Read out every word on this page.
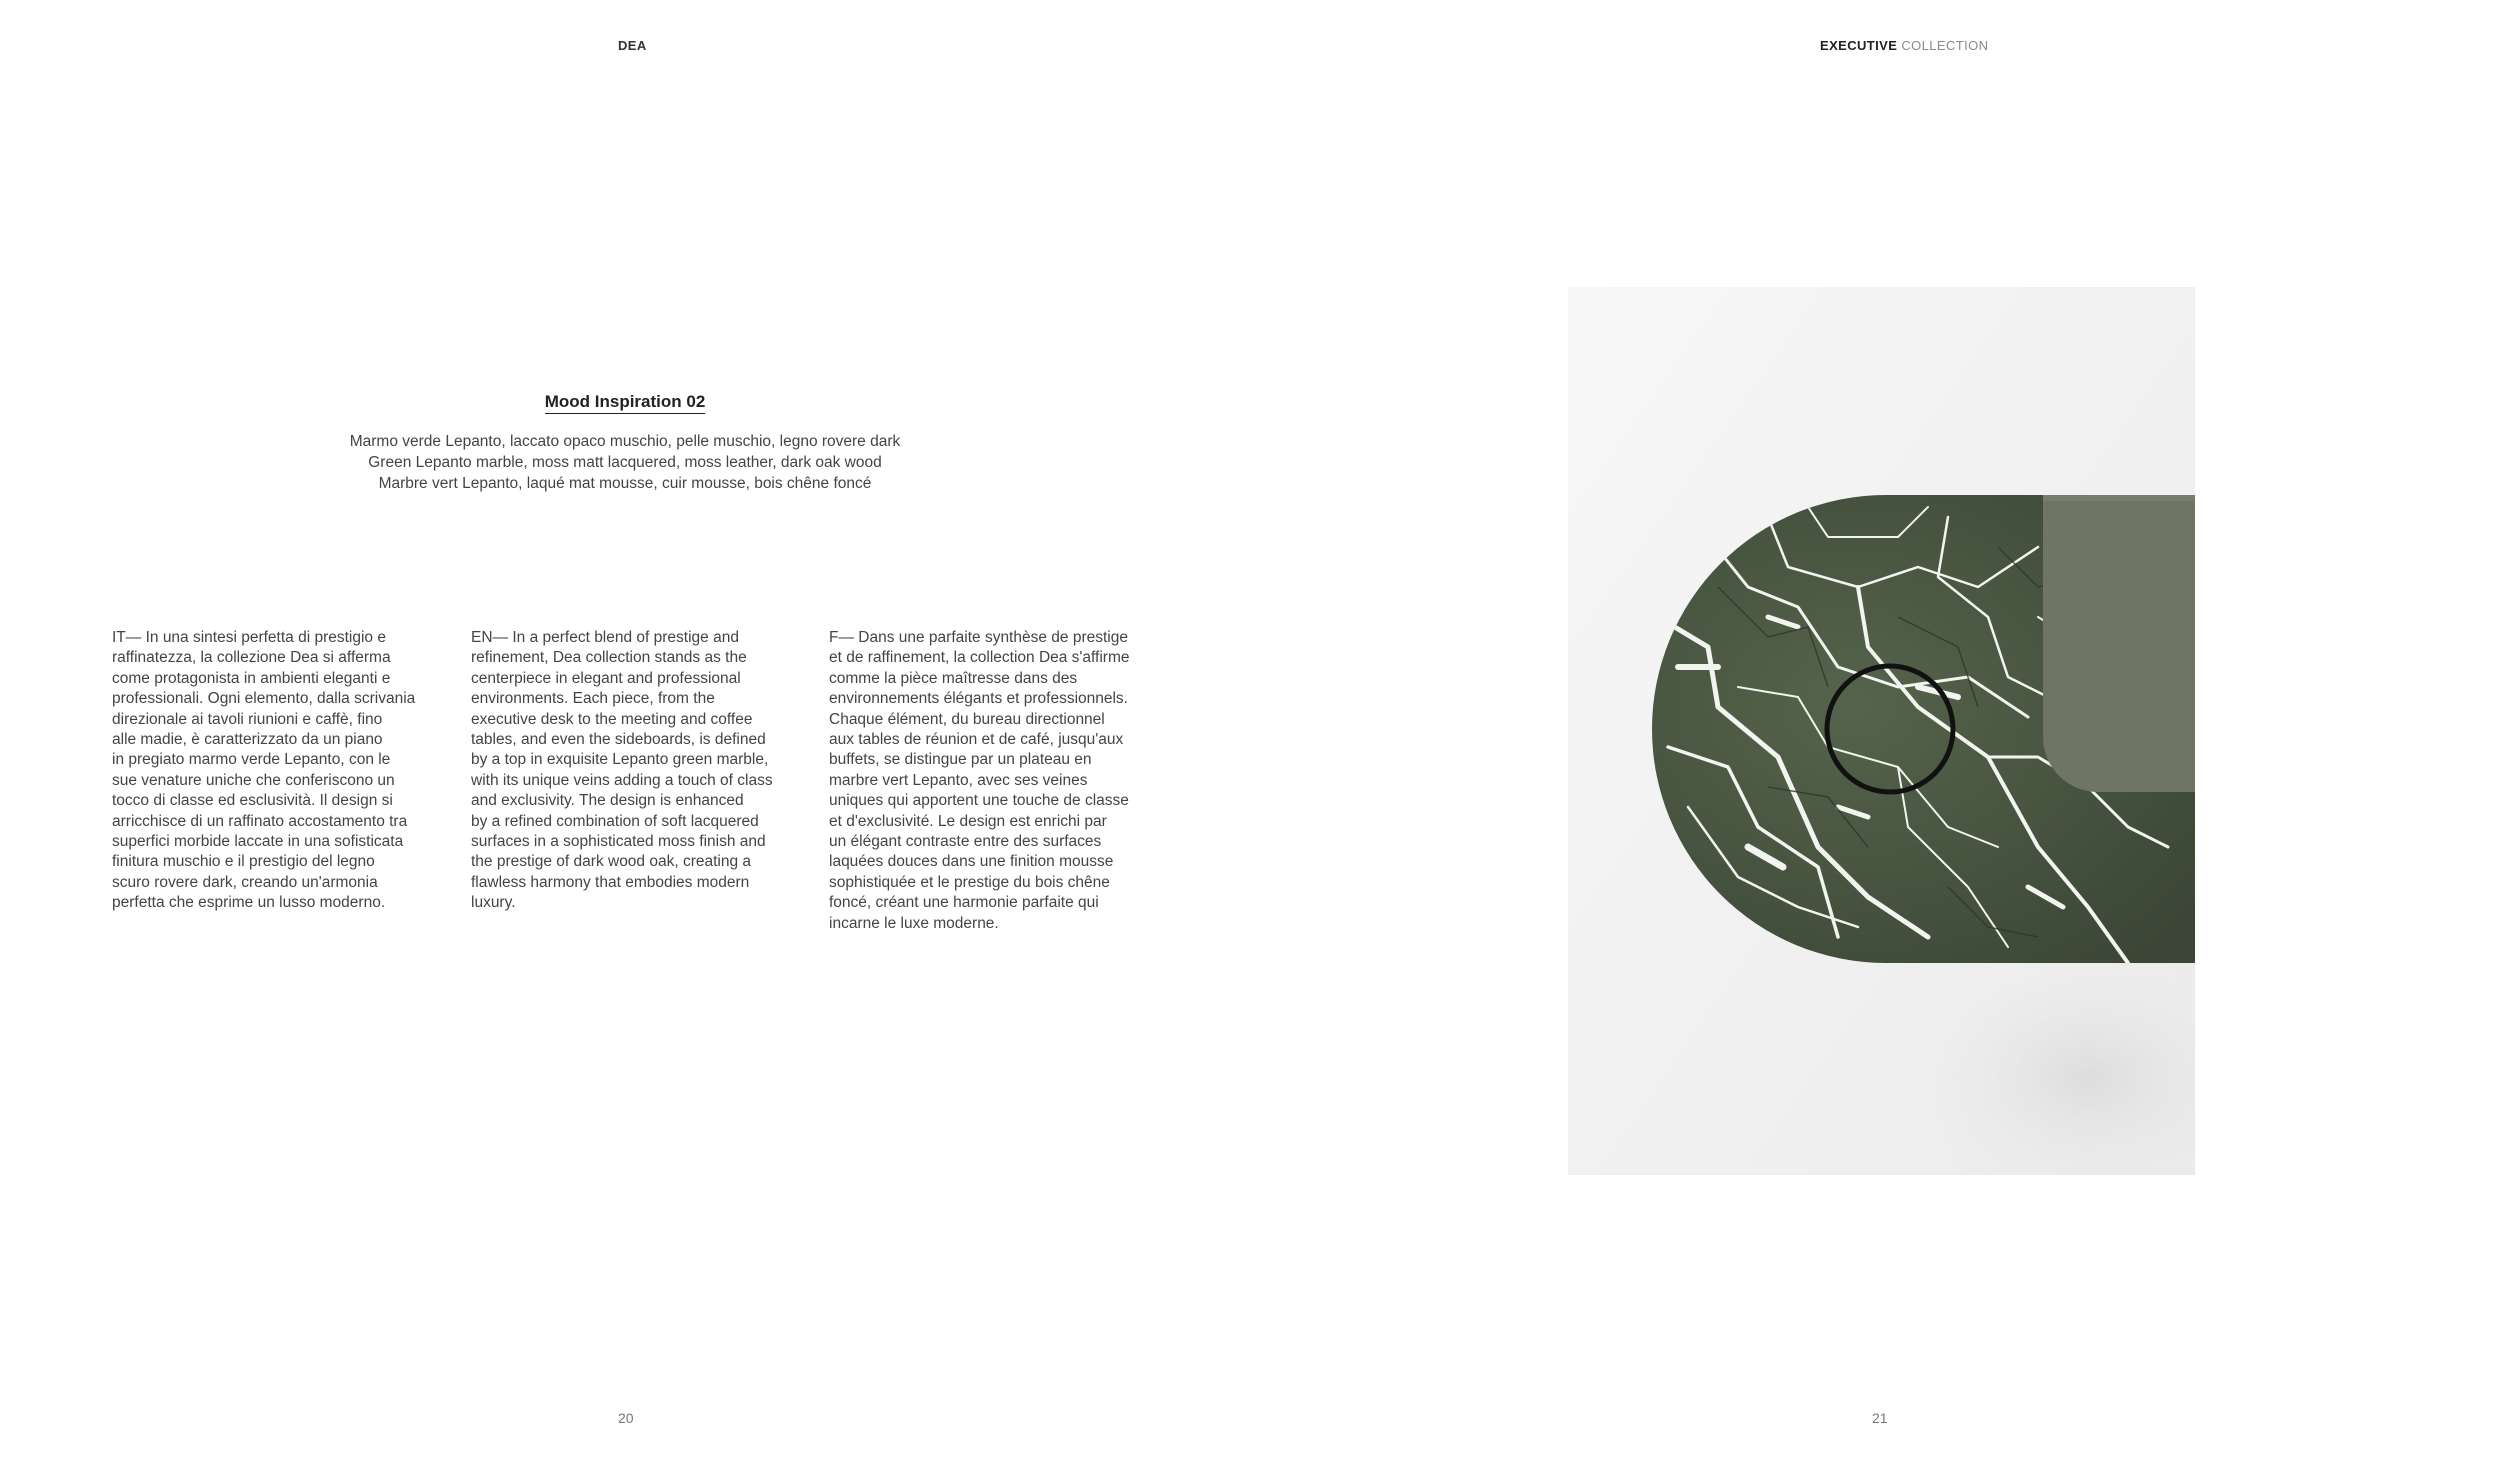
DEA
Mood Inspiration 02
Marmo verde Lepanto, laccato opaco muschio, pelle muschio, legno rovere dark
Green Lepanto marble, moss matt lacquered, moss leather, dark oak wood
Marbre vert Lepanto, laqué mat mousse, cuir mousse, bois chêne foncé
IT— In una sintesi perfetta di prestigio e
raffinatezza, la collezione Dea si afferma
come protagonista in ambienti eleganti e
professionali. Ogni elemento, dalla scrivania
direzionale ai tavoli riunioni e caffè, fino
alle madie, è caratterizzato da un piano
in pregiato marmo verde Lepanto, con le
sue venature uniche che conferiscono un
tocco di classe ed esclusività. Il design si
arricchisce di un raffinato accostamento tra
superfici morbide laccate in una sofisticata
finitura muschio e il prestigio del legno
scuro rovere dark, creando un'armonia
perfetta che esprime un lusso moderno.
EN— In a perfect blend of prestige and
refinement, Dea collection stands as the
centerpiece in elegant and professional
environments. Each piece, from the
executive desk to the meeting and coffee
tables, and even the sideboards, is defined
by a top in exquisite Lepanto green marble,
with its unique veins adding a touch of class
and exclusivity. The design is enhanced
by a refined combination of soft lacquered
surfaces in a sophisticated moss finish and
the prestige of dark wood oak, creating a
flawless harmony that embodies modern
luxury.
F— Dans une parfaite synthèse de prestige
et de raffinement, la collection Dea s'affirme
comme la pièce maîtresse dans des
environnements élégants et professionnels.
Chaque élément, du bureau directionnel
aux tables de réunion et de café, jusqu'aux
buffets, se distingue par un plateau en
marbre vert Lepanto, avec ses veines
uniques qui apportent une touche de classe
et d'exclusivité. Le design est enrichi par
un élégant contraste entre des surfaces
laquées douces dans une finition mousse
sophistiquée et le prestige du bois chêne
foncé, créant une harmonie parfaite qui
incarne le luxe moderne.
20
EXECUTIVE COLLECTION
21
